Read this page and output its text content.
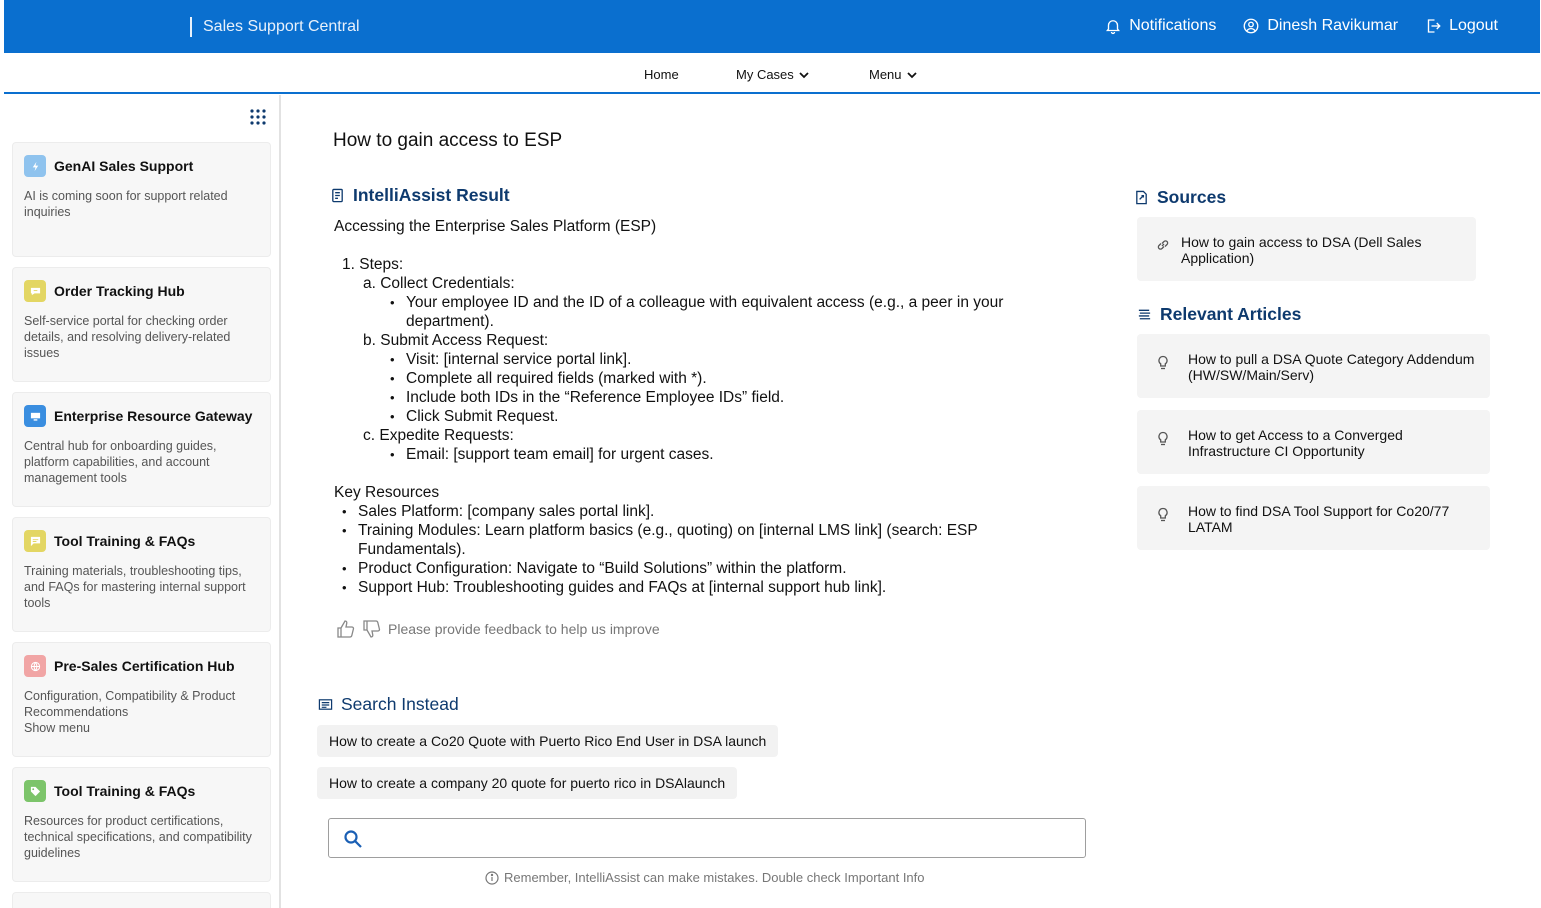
Sales Support Central	Notifications	Dinesh Ravikumar	Logout
Home	My Cases	Menu
GenAI Sales Support
AI is coming soon for support related inquiries
Order Tracking Hub
Self-service portal for checking order details, and resolving delivery-related issues
Enterprise Resource Gateway
Central hub for onboarding guides, platform capabilities, and account management tools
Tool Training & FAQs
Training materials, troubleshooting tips, and FAQs for mastering internal support tools
Pre-Sales Certification Hub
Configuration, Compatibility & Product Recommendations
Show menu
Tool Training & FAQs
Resources for product certifications, technical specifications, and compatibility guidelines
How to gain access to ESP
IntelliAssist Result
Accessing the Enterprise Sales Platform (ESP)
1. Steps:
a. Collect Credentials:
• Your employee ID and the ID of a colleague with equivalent access (e.g., a peer in your department).
b. Submit Access Request:
• Visit: [internal service portal link].
• Complete all required fields (marked with *).
• Include both IDs in the “Reference Employee IDs” field.
• Click Submit Request.
c. Expedite Requests:
• Email: [support team email] for urgent cases.
Key Resources
• Sales Platform: [company sales portal link].
• Training Modules: Learn platform basics (e.g., quoting) on [internal LMS link] (search: ESP Fundamentals).
• Product Configuration: Navigate to “Build Solutions” within the platform.
• Support Hub: Troubleshooting guides and FAQs at [internal support hub link].
Please provide feedback to help us improve
Search Instead
How to create a Co20 Quote with Puerto Rico End User in DSA launch
How to create a company 20 quote for puerto rico in DSAlaunch
Remember, IntelliAssist can make mistakes. Double check Important Info
Sources
How to gain access to DSA (Dell Sales Application)
Relevant Articles
How to pull a DSA Quote Category Addendum (HW/SW/Main/Serv)
How to get Access to a Converged Infrastructure CI Opportunity
How to find DSA Tool Support for Co20/77 LATAM
